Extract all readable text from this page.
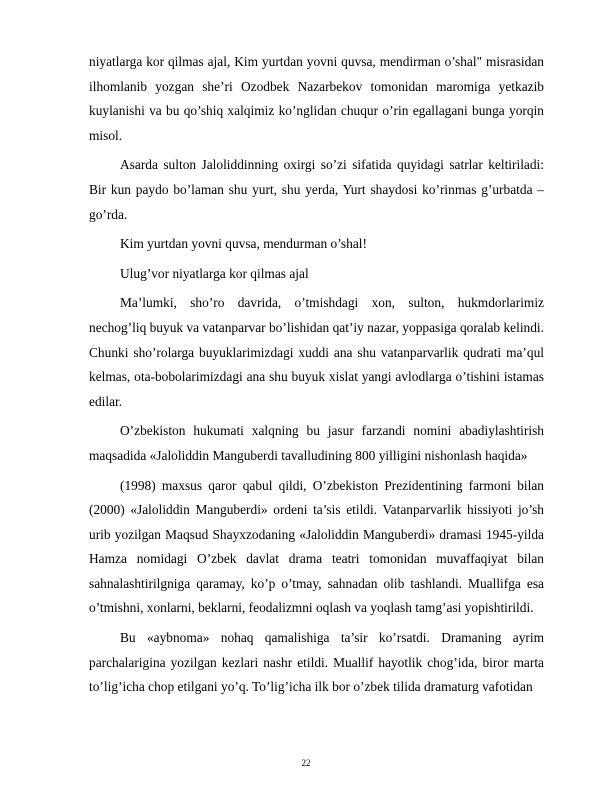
niyatlarga kor qilmas ajal, Kim yurtdan yovni quvsa, mendirman o’shal" misrasidan ilhomlanib yozgan she’ri Ozodbek Nazarbekov tomonidan maromiga yetkazib kuylanishi va bu qo’shiq xalqimiz ko’nglidan chuqur o’rin egallagani bunga yorqin misol.

Asarda sulton Jaloliddinning oxirgi so’zi sifatida quyidagi satrlar keltiriladi: Bir kun paydo bo’laman shu yurt, shu yerda, Yurt shaydosi ko’rinmas g’urbatda – go’rda.

Kim yurtdan yovni quvsa, mendurman o’shal!

Ulug’vor niyatlarga kor qilmas ajal

Ma’lumki, sho’ro davrida, o’tmishdagi xon, sulton, hukmdorlarimiz nechog’liq buyuk va vatanparvar bo’lishidan qat’iy nazar, yoppasiga qoralab kelindi. Chunki sho’rolarga buyuklarimizdagi xuddi ana shu vatanparvarlik qudrati ma’qul kelmas, ota-bobolarimizdagi ana shu buyuk xislat yangi avlodlarga o’tishini istamas edilar.

O’zbekiston hukumati xalqning bu jasur farzandi nomini abadiylashtirish maqsadida «Jaloliddin Manguberdi tavalludining 800 yilligini nishonlash haqida»

(1998) maxsus qaror qabul qildi, O’zbekiston Prezidentining farmoni bilan (2000) «Jaloliddin Manguberdi» ordeni ta’sis etildi. Vatanparvarlik hissiyoti jo’sh urib yozilgan Maqsud Shayxzodaning «Jaloliddin Manguberdi» dramasi 1945-yilda Hamza nomidagi O’zbek davlat drama teatri tomonidan muvaffaqiyat bilan sahnalashtirilgniga qaramay, ko’p o’tmay, sahnadan olib tashlandi. Muallifga esa o’tmishni, xonlarni, beklarni, feodalizmni oqlash va yoqlash tamg’asi yopishtirildi.

Bu «aybnoma» nohaq qamalishiga ta’sir ko’rsatdi. Dramaning ayrim parchalarigina yozilgan kezlari nashr etildi. Muallif hayotlik chog’ida, biror marta to’lig’icha chop etilgani yo’q. To’lig’icha ilk bor o’zbek tilida dramaturg vafotidan

22
